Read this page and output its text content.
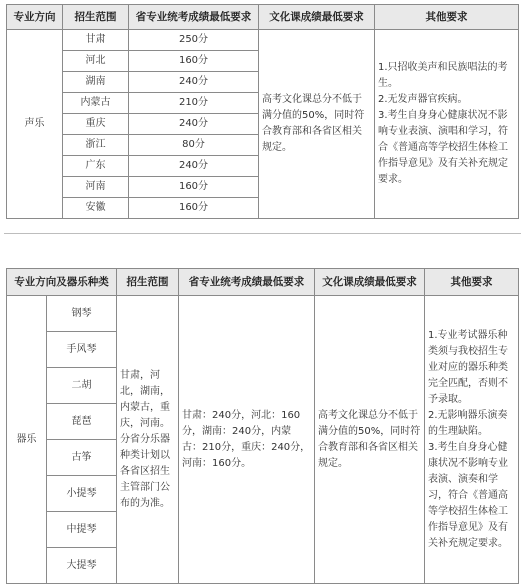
专业方向	招生范围	省专业统考成绩最低要求	文化课成绩最低要求	其他要求
声乐	甘肃	250分	高考文化课总分不低于满分值的50%，同时符合教育部和各省区相关规定。	1.只招收美声和民族唱法的考生。
2.无发声器官疾病。
3.考生自身身心健康状况不影响专业表演、演唱和学习，符合《普通高等学校招生体检工作指导意见》及有关补充规定要求。

	河北	160分		
	湖南	240分		
	内蒙古	210分		
	重庆	240分		
	浙江	80分		
	广东	240分		
	河南	160分		
	安徽	160分		
专业方向及器乐种类		招生范围	省专业统考成绩最低要求	文化课成绩最低要求	其他要求
器乐	钢琴	甘肃，河北，湖南，内蒙古，重庆，河南。分省分乐器种类计划以各省区招生主管部门公布的为准。	甘肃：240分，河北：160分，湖南：240分，内蒙古：210分，重庆：240分，河南：160分。	高考文化课总分不低于满分值的50%，同时符合教育部和各省区相关规定。	1.专业考试器乐种类须与我校招生专业对应的器乐种类完全匹配，否则不予录取。
2.无影响器乐演奏的生理缺陷。
3.考生自身身心健康状况不影响专业表演、演奏和学习，符合《普通高等学校招生体检工作指导意见》及有关补充规定要求。

	手风琴				
	二胡				
	琵琶				
	古筝				
	小提琴				
	中提琴				
	大提琴				
